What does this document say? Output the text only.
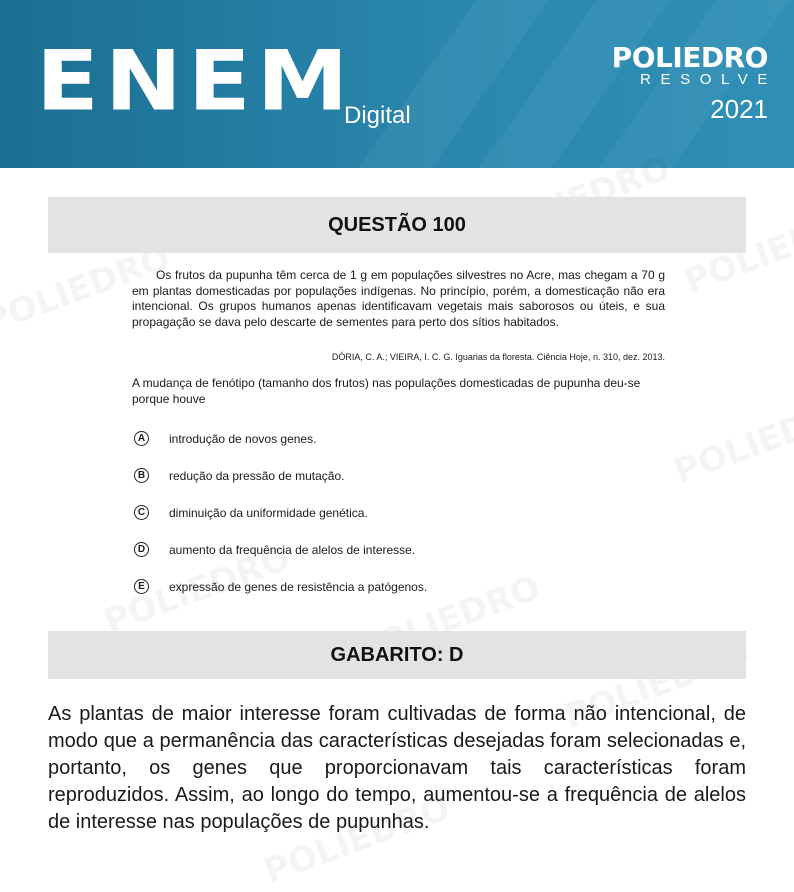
ENEM
Digital
POLIEDRO
RESOLVE
2021
QUESTÃO 100

Os frutos da pupunha têm cerca de 1 g em populações silvestres no Acre, mas chegam a 70 g em plantas domesticadas por populações indígenas. No princípio, porém, a domesticação não era intencional. Os grupos humanos apenas identificavam vegetais mais saborosos ou úteis, e sua propagação se dava pelo descarte de sementes para perto dos sítios habitados.

DÓRIA, C. A.; VIEIRA, I. C. G. Iguarias da floresta. Ciência Hoje, n. 310, dez. 2013.

A mudança de fenótipo (tamanho dos frutos) nas populações domesticadas de pupunha deu-se porque houve

A	introdução de novos genes.
B	redução da pressão de mutação.
C	diminuição da uniformidade genética.
D	aumento da frequência de alelos de interesse.
E	expressão de genes de resistência a patógenos.
GABARITO: D

As plantas de maior interesse foram cultivadas de forma não intencional, de modo que a permanência das características desejadas foram selecionadas e, portanto, os genes que proporcionavam tais características foram reproduzidos. Assim, ao longo do tempo, aumentou-se a frequência de alelos de interesse nas populações de pupunhas.
